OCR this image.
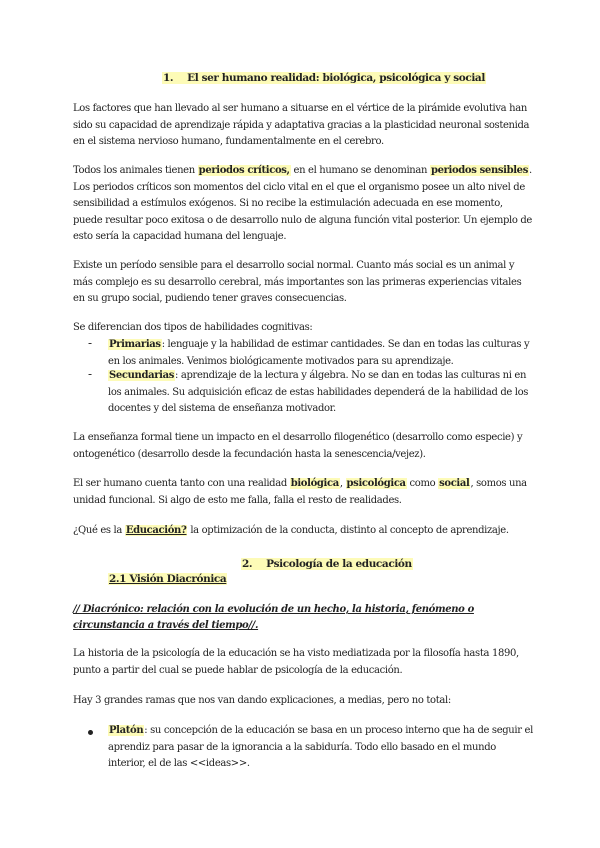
1. El ser humano realidad: biológica, psicológica y social
Los factores que han llevado al ser humano a situarse en el vértice de la pirámide evolutiva han sido su capacidad de aprendizaje rápida y adaptativa gracias a la plasticidad neuronal sostenida en el sistema nervioso humano, fundamentalmente en el cerebro.
Todos los animales tienen periodos críticos, en el humano se denominan periodos sensibles. Los periodos críticos son momentos del ciclo vital en el que el organismo posee un alto nivel de sensibilidad a estímulos exógenos. Si no recibe la estimulación adecuada en ese momento, puede resultar poco exitosa o de desarrollo nulo de alguna función vital posterior. Un ejemplo de esto sería la capacidad humana del lenguaje.
Existe un período sensible para el desarrollo social normal. Cuanto más social es un animal y más complejo es su desarrollo cerebral, más importantes son las primeras experiencias vitales en su grupo social, pudiendo tener graves consecuencias.
Se diferencian dos tipos de habilidades cognitivas:
- Primarias: lenguaje y la habilidad de estimar cantidades. Se dan en todas las culturas y en los animales. Venimos biológicamente motivados para su aprendizaje.
- Secundarias: aprendizaje de la lectura y álgebra. No se dan en todas las culturas ni en los animales. Su adquisición eficaz de estas habilidades dependerá de la habilidad de los docentes y del sistema de enseñanza motivador.
La enseñanza formal tiene un impacto en el desarrollo filogenético (desarrollo como especie) y ontogenético (desarrollo desde la fecundación hasta la senescencia/vejez).
El ser humano cuenta tanto con una realidad biológica, psicológica como social, somos una unidad funcional. Si algo de esto me falla, falla el resto de realidades.
¿Qué es la Educación? la optimización de la conducta, distinto al concepto de aprendizaje.
2. Psicología de la educación
2.1 Visión Diacrónica
// Diacrónico: relación con la evolución de un hecho, la historia, fenómeno o circunstancia a través del tiempo//.
La historia de la psicología de la educación se ha visto mediatizada por la filosofía hasta 1890, punto a partir del cual se puede hablar de psicología de la educación.
Hay 3 grandes ramas que nos van dando explicaciones, a medias, pero no total:
Platón: su concepción de la educación se basa en un proceso interno que ha de seguir el aprendiz para pasar de la ignorancia a la sabiduría. Todo ello basado en el mundo interior, el de las <<ideas>>.
